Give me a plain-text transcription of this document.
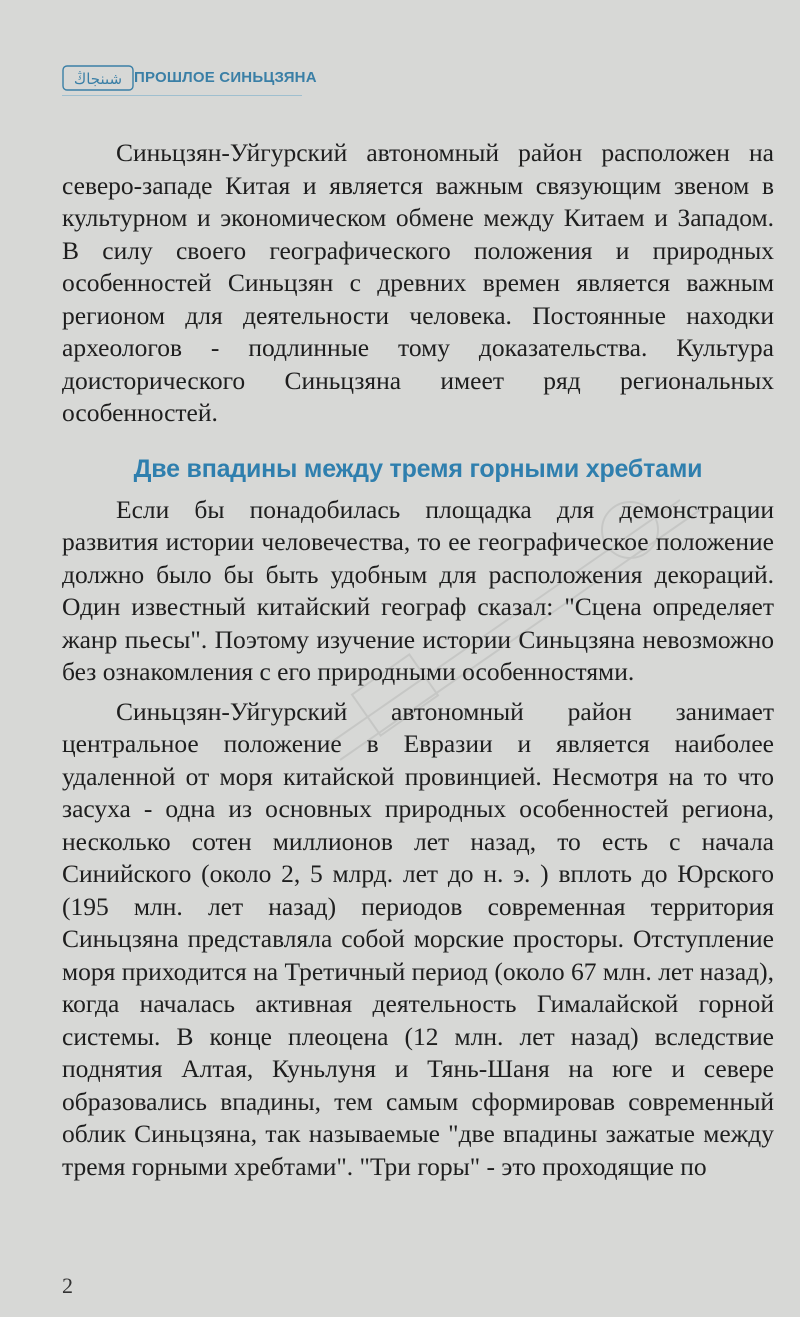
شىنجاڭ ПРОШЛОЕ СИНЬЦЗЯНА

Синьцзян-Уйгурский автономный район расположен на северо-западе Китая и является важным связующим звеном в культурном и экономическом обмене между Китаем и Западом. В силу своего географического положения и природных особенностей Синьцзян с древних времен является важным регионом для деятельности человека. Постоянные находки археологов - подлинные тому доказательства. Культура доисторического Синьцзяна имеет ряд региональных особенностей.

Две впадины между тремя горными хребтами

Если бы понадобилась площадка для демонстрации развития истории человечества, то ее географическое положение должно было бы быть удобным для расположения декораций. Один известный китайский географ сказал: "Сцена определяет жанр пьесы". Поэтому изучение истории Синьцзяна невозможно без ознакомления с его природными особенностями.

Синьцзян-Уйгурский автономный район занимает центральное положение в Евразии и является наиболее удаленной от моря китайской провинцией. Несмотря на то что засуха - одна из основных природных особенностей региона, несколько сотен миллионов лет назад, то есть с начала Синийского (около 2, 5 млрд. лет до н. э. ) вплоть до Юрского (195 млн. лет назад) периодов современная территория Синьцзяна представляла собой морские просторы. Отступление моря приходится на Третичный период (около 67 млн. лет назад), когда началась активная деятельность Гималайской горной системы. В конце плеоцена (12 млн. лет назад) вследствие поднятия Алтая, Куньлуня и Тянь-Шаня на юге и севере образовались впадины, тем самым сформировав современный облик Синьцзяна, так называемые "две впадины зажатые между тремя горными хребтами". "Три горы" - это проходящие по

2
